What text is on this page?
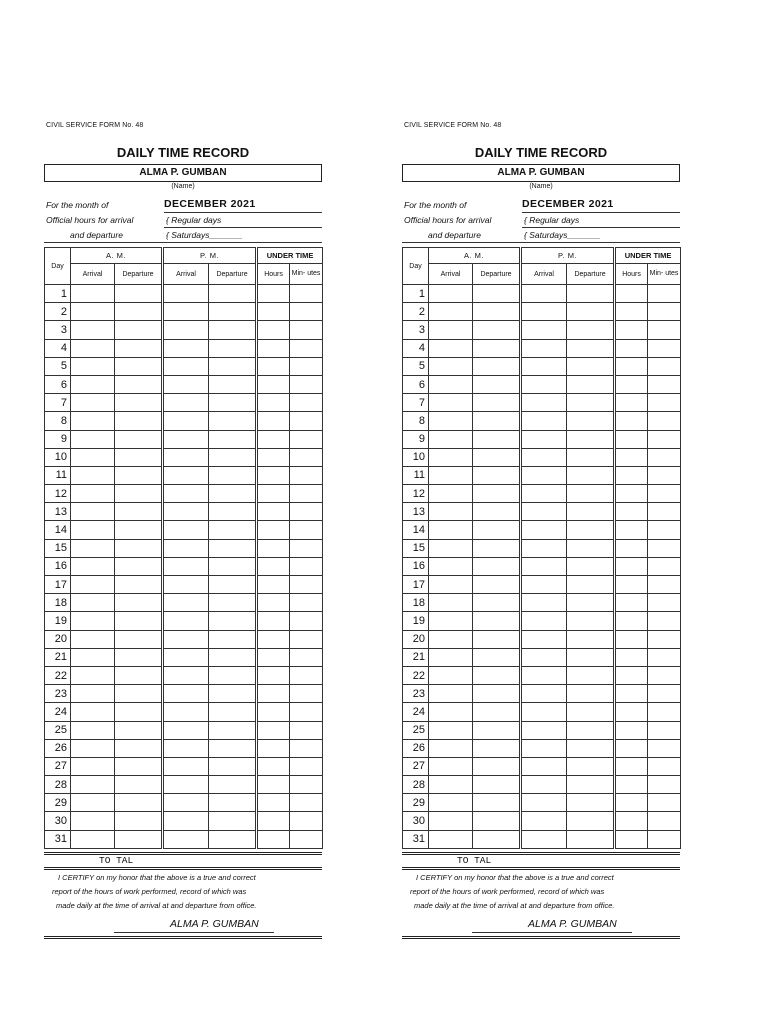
CIVIL SERVICE FORM No. 48
DAILY TIME RECORD
ALMA P. GUMBAN
(Name)
For the month of	DECEMBER 2021
Official hours for arrival	{ Regular days
and departure	{ Saturdays_______
Day	A. M.		P. M.		UNDER TIME	
	Arrival	Departure	Arrival	Departure	Hours	Min- utes
1						
2						
3						
4						
5						
6						
7						
8						
9						
10						
11						
12						
13						
14						
15						
16						
17						
18						
19						
20						
21						
22						
23						
24						
25						
26						
27						
28						
29						
30						
31						
TO TAL
I CERTIFY on my honor that the above is a true and correct
report of the hours of work performed, record of which was
made daily at the time of arrival at and departure from office.
ALMA P. GUMBAN
CIVIL SERVICE FORM No. 48
DAILY TIME RECORD
ALMA P. GUMBAN
(Name)
For the month of	DECEMBER 2021
Official hours for arrival	{ Regular days
and departure	{ Saturdays_______
Day	A. M.		P. M.		UNDER TIME	
	Arrival	Departure	Arrival	Departure	Hours	Min- utes
1						
2						
3						
4						
5						
6						
7						
8						
9						
10						
11						
12						
13						
14						
15						
16						
17						
18						
19						
20						
21						
22						
23						
24						
25						
26						
27						
28						
29						
30						
31						
TO TAL
I CERTIFY on my honor that the above is a true and correct
report of the hours of work performed, record of which was
made daily at the time of arrival at and departure from office.
ALMA P. GUMBAN
